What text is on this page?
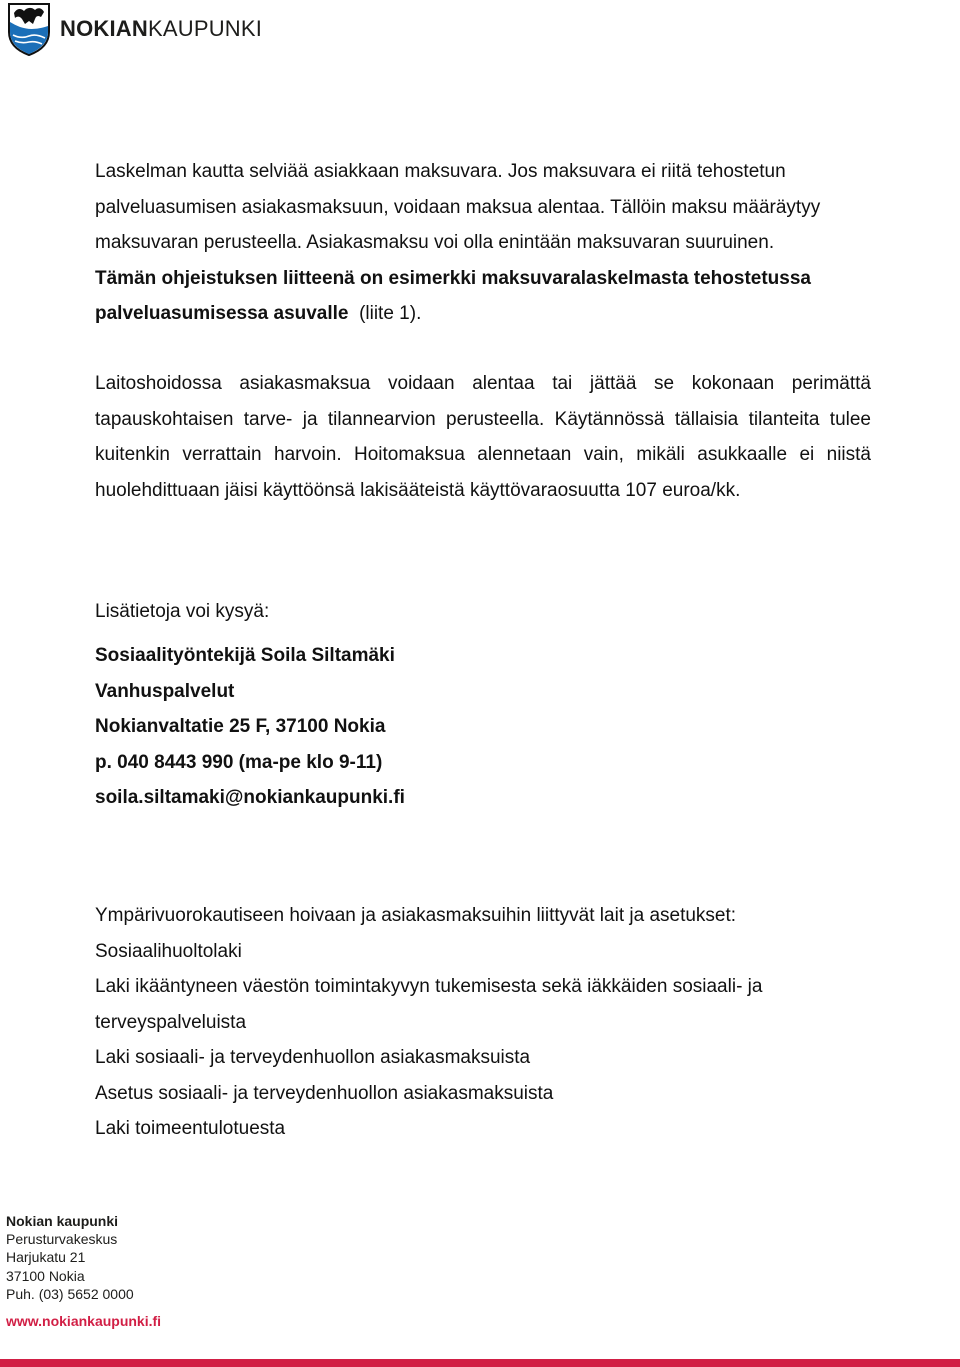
NOKIANKAUPUNKI
Laskelman kautta selviää asiakkaan maksuvara. Jos maksuvara ei riitä tehostetun
palveluasumisen asiakasmaksuun, voidaan maksua alentaa. Tällöin maksu määräytyy
maksuvaran perusteella. Asiakasmaksu voi olla enintään maksuvaran suuruinen.
Tämän ohjeistuksen liitteenä on esimerkki maksuvaralaskelmasta tehostetussa
palveluasumisessa asuvalle (liite 1).
Laitoshoidossa asiakasmaksua voidaan alentaa tai jättää se kokonaan perimättä tapauskohtaisen tarve- ja tilannearvion perusteella. Käytännössä tällaisia tilanteita tulee kuitenkin verrattain harvoin. Hoitomaksua alennetaan vain, mikäli asukkaalle ei niistä huolehdittuaan jäisi käyttöönsä lakisääteistä käyttövaraosuutta 107 euroa/kk.
Lisätietoja voi kysyä:
Sosiaalityöntekijä Soila Siltamäki
Vanhuspalvelut
Nokianvaltatie 25 F, 37100 Nokia
p. 040 8443 990 (ma-pe klo 9-11)
soila.siltamaki@nokiankaupunki.fi
Ympärivuorokautiseen hoivaan ja asiakasmaksuihin liittyvät lait ja asetukset:
Sosiaalihuoltolaki
Laki ikääntyneen väestön toimintakyvyn tukemisesta sekä iäkkäiden sosiaali- ja
terveyspalveluista
Laki sosiaali- ja terveydenhuollon asiakasmaksuista
Asetus sosiaali- ja terveydenhuollon asiakasmaksuista
Laki toimeentulotuesta
Nokian kaupunki
Perusturvakeskus
Harjukatu 21
37100 Nokia
Puh. (03) 5652 0000
www.nokiankaupunki.fi
